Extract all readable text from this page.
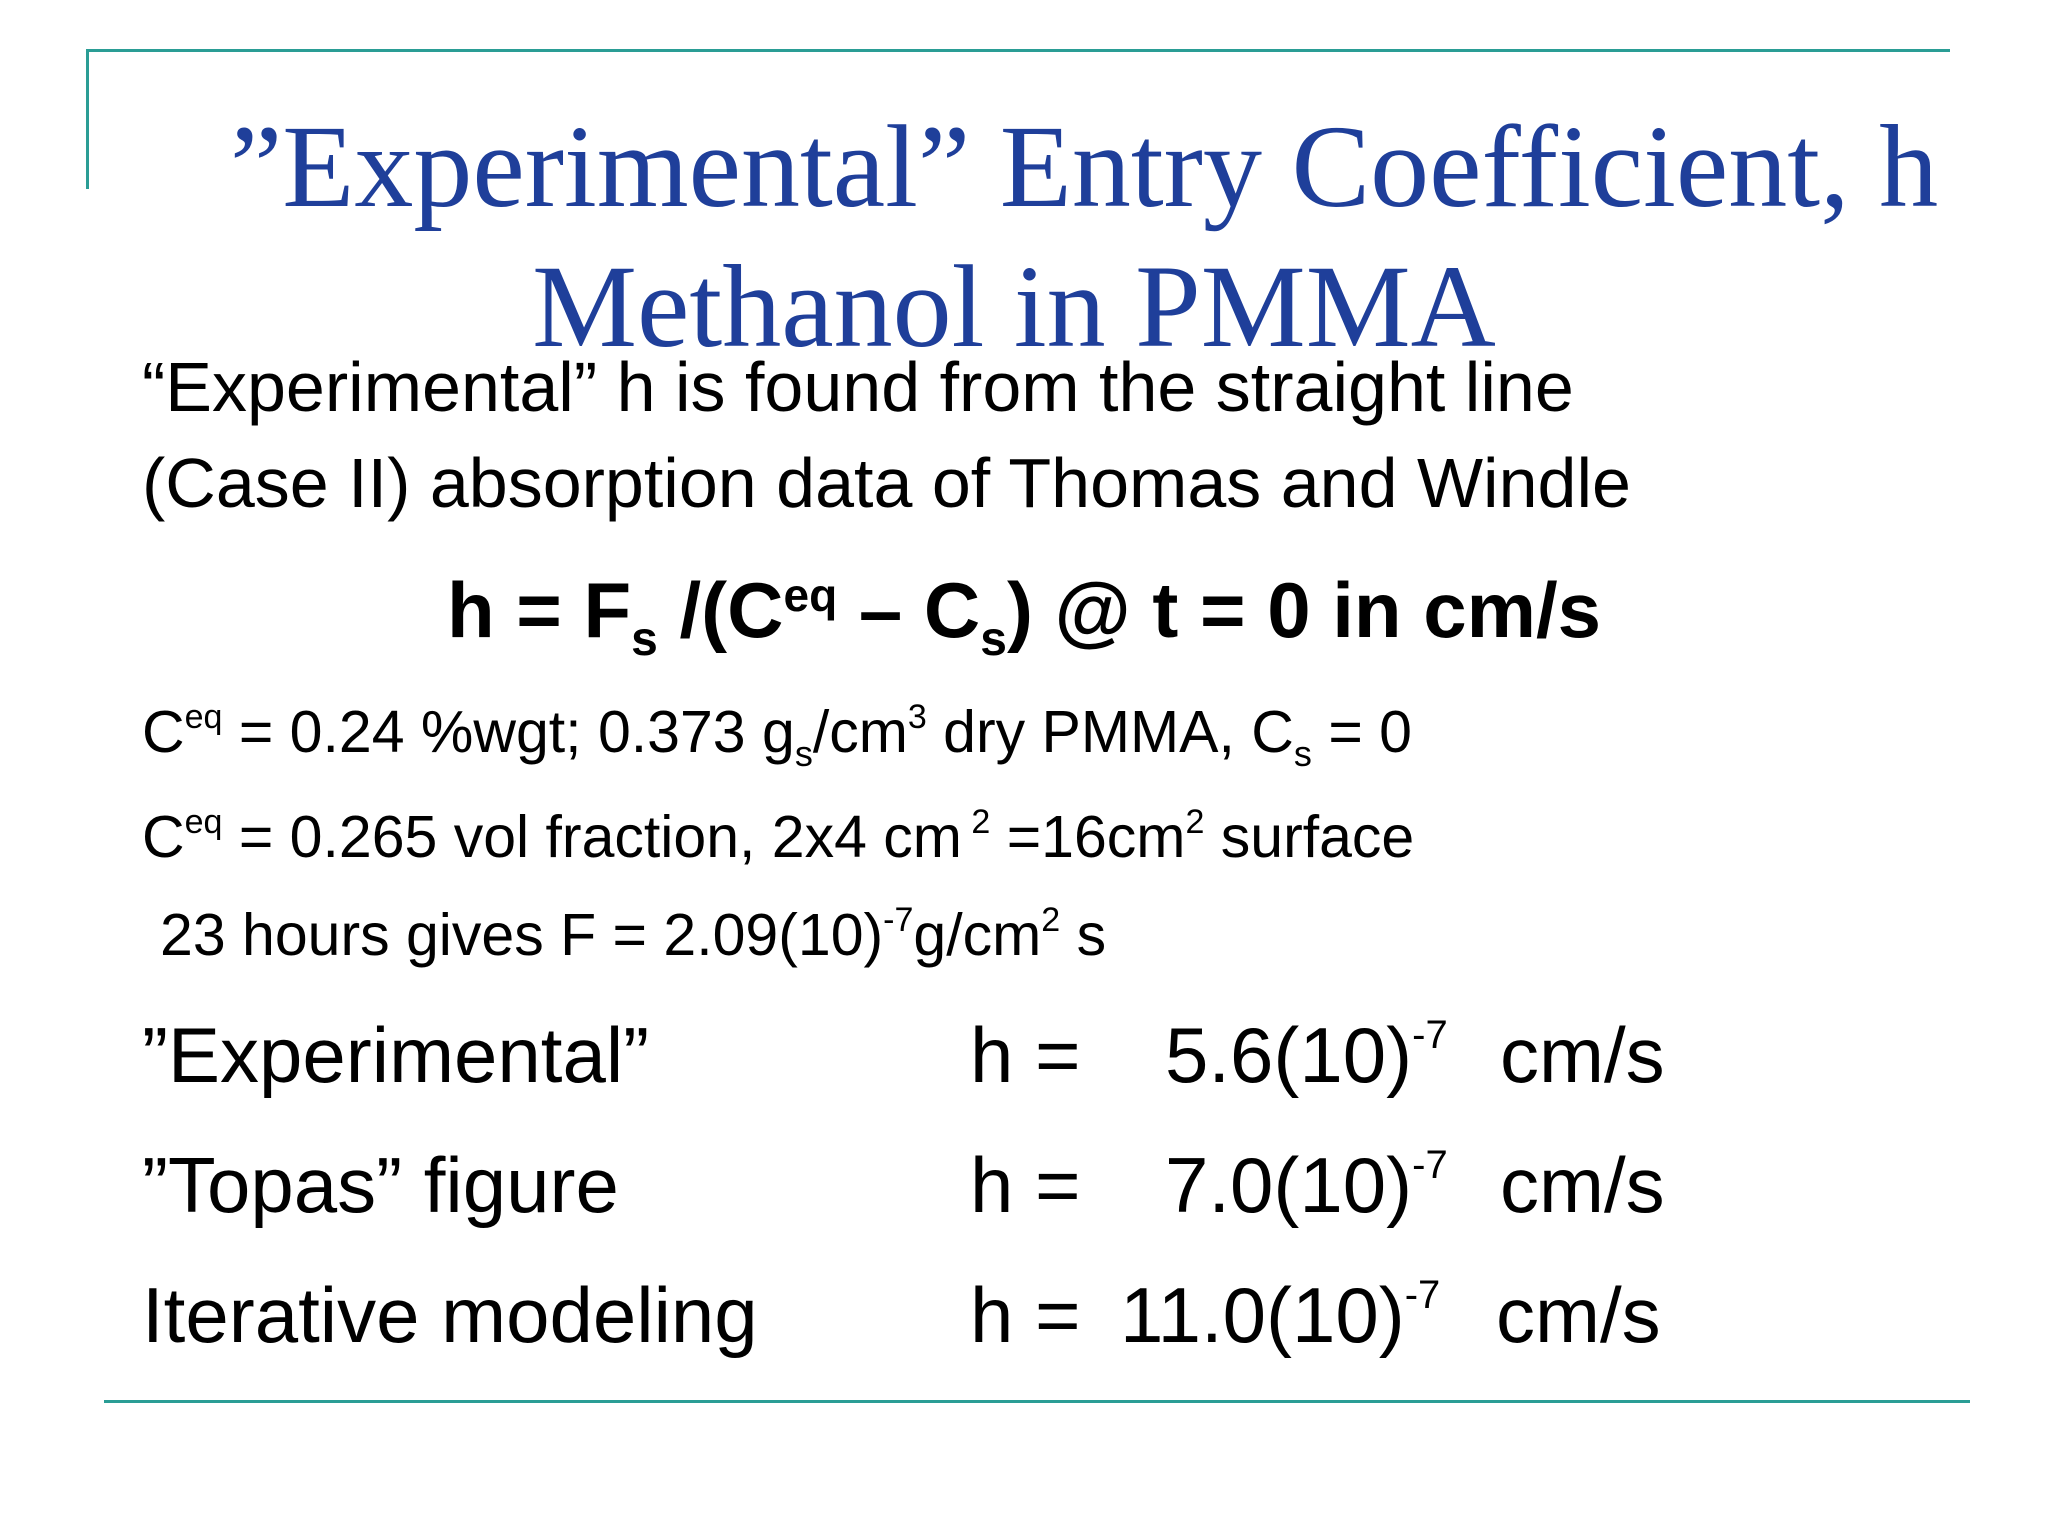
”Experimental” Entry Coefficient, h
Methanol in PMMA
“Experimental” h is found from the straight line
(Case II) absorption data of Thomas and Windle
$h = F_s$ $/(C^{eq} - C_s)$ @ t = 0 in cm/s
$C^{eq} = 0.24$ %wgt; 0.373 $g_s/cm^3$ dry PMMA, $C_s = 0$
$C^{eq} = 0.265$ vol fraction, 2x4 cm $^2 =16cm^2$ surface
23 hours gives $F = 2.09(10)^{-7}g/cm^2$ s
”Experimental”	$h = 5.6(10)^{-7}$ cm/s
”Topas” figure	$h = 7.0(10)^{-7}$ cm/s
Iterative modeling	$h = 11.0(10)^{-7}$ cm/s
